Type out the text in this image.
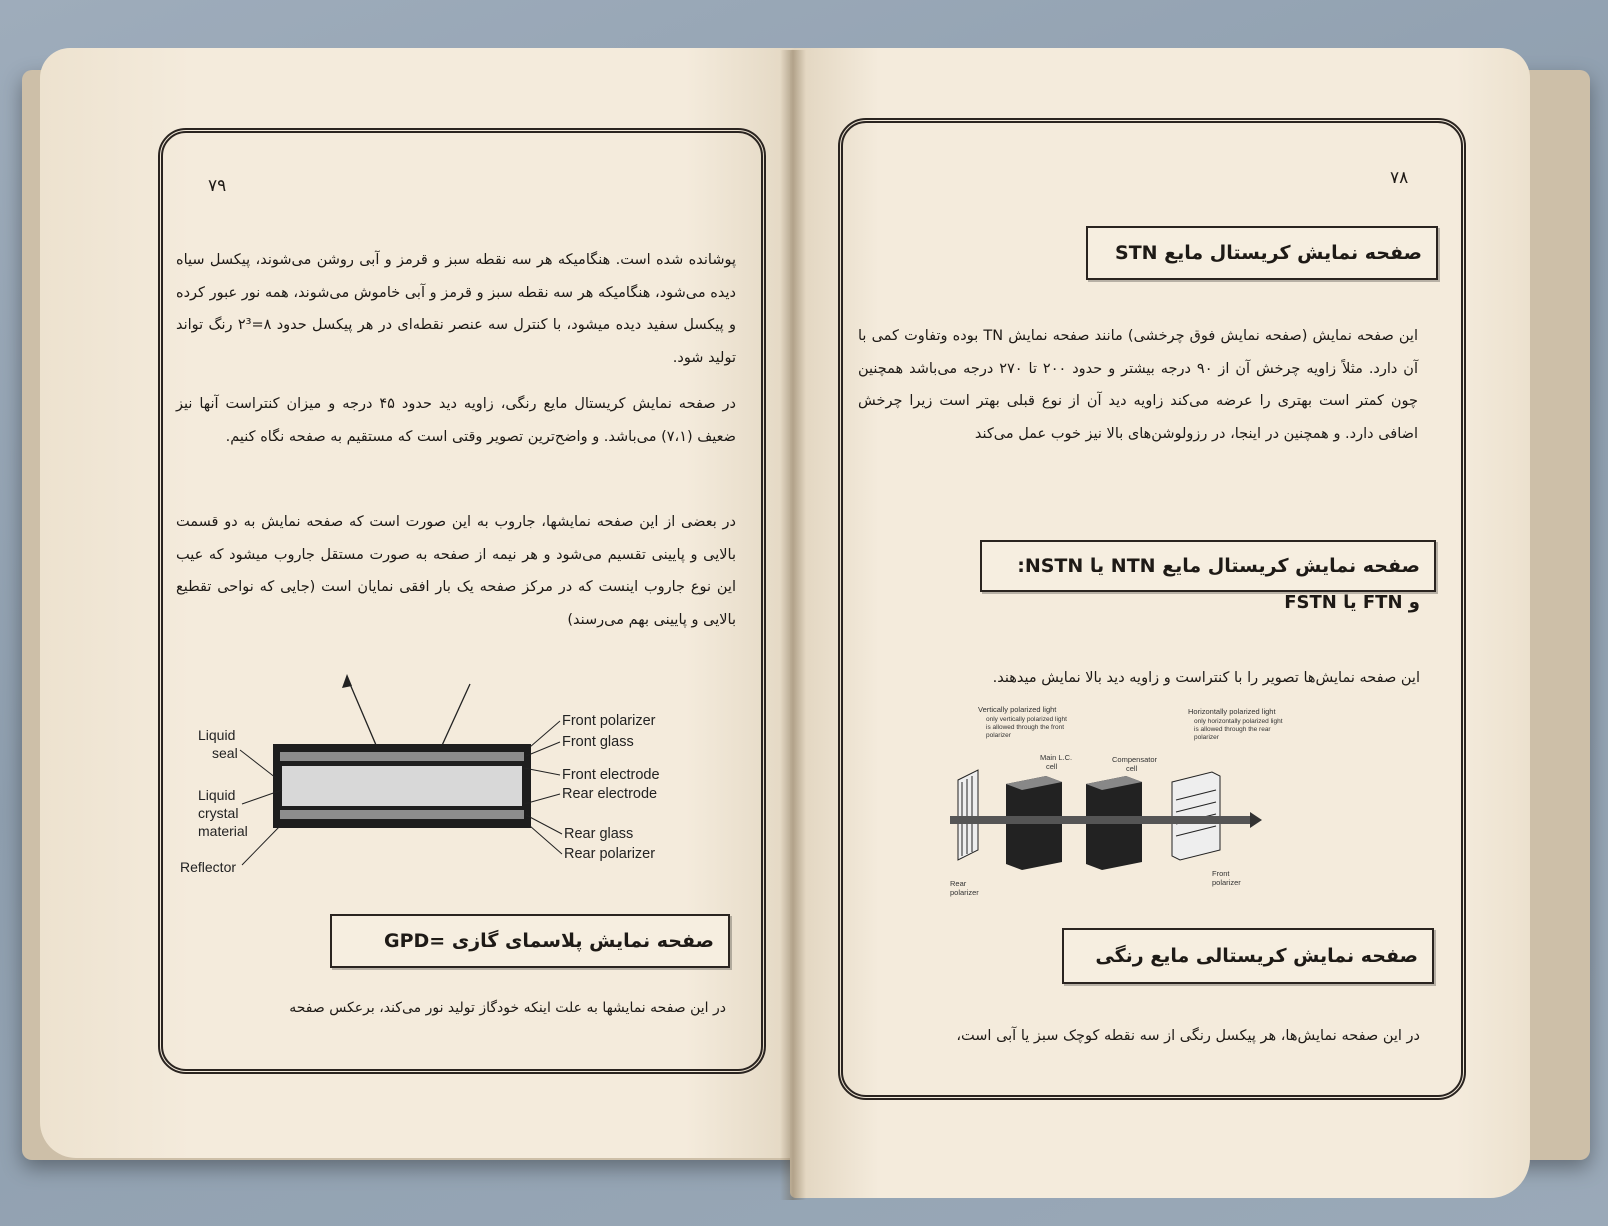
۷۹
پوشانده شده است. هنگامیکه هر سه نقطه سبز و قرمز و آبی روشن می‌شوند، پیکسل سیاه دیده می‌شود، هنگامیکه هر سه نقطه سبز و قرمز و آبی خاموش می‌شوند، همه نور عبور کرده و پیکسل سفید دیده میشود، با کنترل سه عنصر نقطه‌ای در هر پیکسل حدود ۸=۲³ رنگ تواند تولید شود.
در صفحه نمایش کریستال مایع رنگی، زاویه دید حدود ۴۵ درجه و میزان کنتراست آنها نیز ضعیف (۷،۱) می‌باشد. و واضح‌ترین تصویر وقتی است که مستقیم به صفحه نگاه کنیم.
در بعضی از این صفحه نمایشها، جاروب به این صورت است که صفحه نمایش به دو قسمت بالایی و پایینی تقسیم می‌شود و هر نیمه از صفحه به صورت مستقل جاروب میشود که عیب این نوع جاروب اینست که در مرکز صفحه یک بار افقی نمایان است (جایی که نواحی تقطیع بالایی و پایینی بهم می‌رسند)
Liquid
seal
Liquid
crystal
material
Reflector
Front polarizer
Front glass
Front electrode
Rear electrode
Rear glass
Rear polarizer
صفحه نمایش پلاسمای گازی =GPD
در این صفحه نمایشها به علت اینکه خودگاز تولید نور می‌کند، برعکس صفحه
۷۸
صفحه نمایش کریستال مایع STN
این صفحه نمایش (صفحه نمایش فوق چرخشی) مانند صفحه نمایش TN بوده وتفاوت کمی با آن دارد. مثلاً زاویه چرخش آن از ۹۰ درجه بیشتر و حدود ۲۰۰ تا ۲۷۰ درجه می‌باشد همچنین چون کمتر است بهتری را عرضه می‌کند زاویه دید آن از نوع قبلی بهتر است زیرا چرخش اضافی دارد. و همچنین در اینجا، در رزولوشن‌های بالا نیز خوب عمل می‌کند
صفحه نمایش کریستال مایع NTN یا NSTN:
و FTN یا FSTN
این صفحه نمایش‌ها تصویر را با کنتراست و زاویه دید بالا نمایش میدهند.
Vertically polarized light
only vertically polarized light
is allowed through the front
polarizer
Horizontally polarized light
only horizontally polarized light
is allowed through the rear
polarizer
Main L.C.
cell
Compensator
cell
Rear
polarizer
Front
polarizer
صفحه نمایش کریستالی مایع رنگی
در این صفحه نمایش‌ها، هر پیکسل رنگی از سه نقطه کوچک سبز یا آبی است،
